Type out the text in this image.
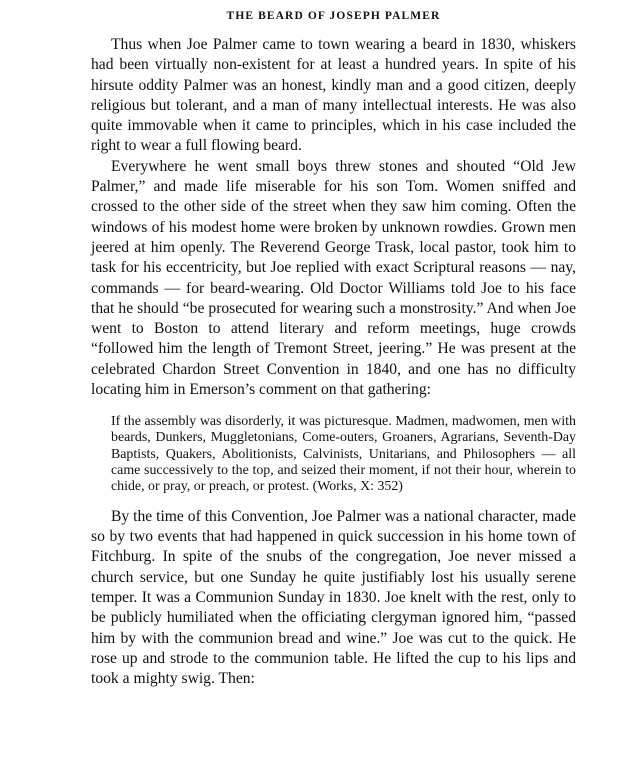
THE BEARD OF JOSEPH PALMER

Thus when Joe Palmer came to town wearing a beard in 1830, whiskers had been virtually non-existent for at least a hundred years. In spite of his hirsute oddity Palmer was an honest, kindly man and a good citizen, deeply religious but tolerant, and a man of many intellectual interests. He was also quite immovable when it came to principles, which in his case included the right to wear a full flowing beard.

Everywhere he went small boys threw stones and shouted “Old Jew Palmer,” and made life miserable for his son Tom. Women sniffed and crossed to the other side of the street when they saw him coming. Often the windows of his modest home were broken by unknown rowdies. Grown men jeered at him openly. The Reverend George Trask, local pastor, took him to task for his eccentricity, but Joe replied with exact Scriptural reasons — nay, commands — for beard-wearing. Old Doctor Williams told Joe to his face that he should “be prosecuted for wearing such a monstrosity.” And when Joe went to Boston to attend literary and reform meetings, huge crowds “followed him the length of Tremont Street, jeering.” He was present at the celebrated Chardon Street Convention in 1840, and one has no difficulty locating him in Emerson’s comment on that gathering:

If the assembly was disorderly, it was picturesque. Madmen, madwomen, men with beards, Dunkers, Muggletonians, Come-outers, Groaners, Agrarians, Seventh-Day Baptists, Quakers, Abolitionists, Calvinists, Unitarians, and Philosophers — all came successively to the top, and seized their moment, if not their hour, wherein to chide, or pray, or preach, or protest. (Works, X: 352)

By the time of this Convention, Joe Palmer was a national character, made so by two events that had happened in quick succession in his home town of Fitchburg. In spite of the snubs of the congregation, Joe never missed a church service, but one Sunday he quite justifiably lost his usually serene temper. It was a Communion Sunday in 1830. Joe knelt with the rest, only to be publicly humiliated when the officiating clergyman ignored him, “passed him by with the communion bread and wine.” Joe was cut to the quick. He rose up and strode to the communion table. He lifted the cup to his lips and took a mighty swig. Then:
